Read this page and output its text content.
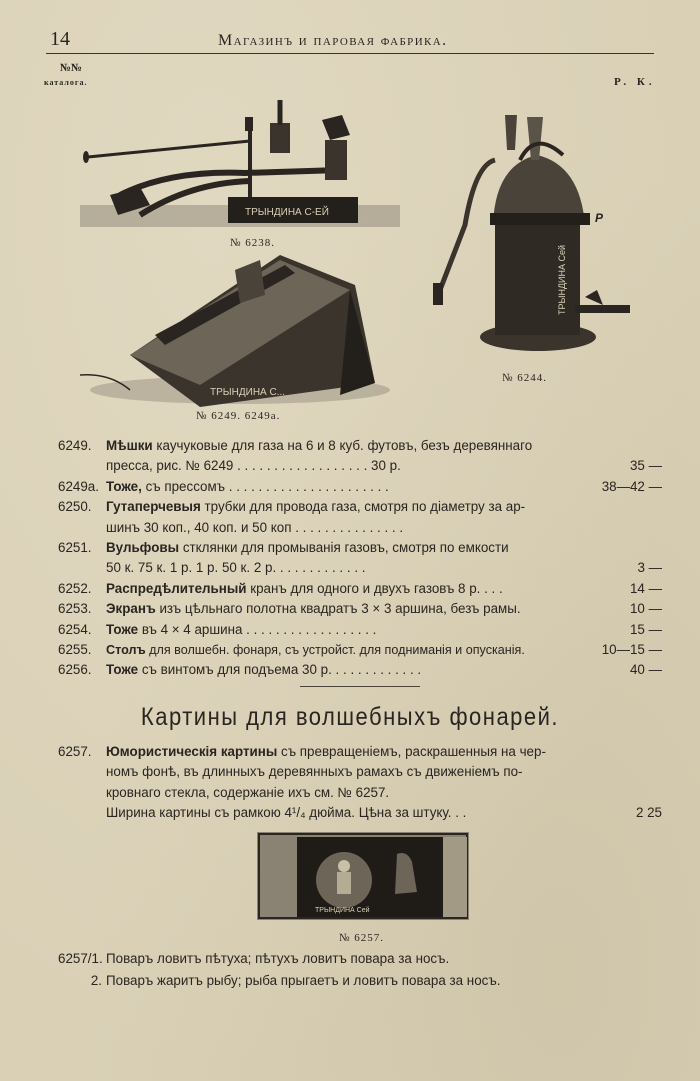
14	Магазинъ и паровая фабрика.
№№
каталога.	Р. К.
ТРЫНДИНА С-ЕЙ
№ 6238.
ТРЫНДИНА С...
№ 6249. 6249а.
ТРЫНДИНА Сей
P
№ 6244.
6249.	Мѣшки каучуковые для газа на 6 и 8 куб. футовъ, безъ деревяннаго
пресса, рис. № 6249 . . . . . . . . . . . . . . . . . . 30 р.	35 —
6249а. Тоже, съ прессомъ . . . . . . . . . . . . . . . . . . . . . .	38—42 —
6250.	Гутаперчевыя трубки для провода газа, смотря по діаметру за ар-
шинъ 30 коп., 40 коп. и 50 коп . . . . . . . . . . . . . . .
6251.	Вульфовы стклянки для промыванія газовъ, смотря по емкости
50 к. 75 к. 1 р. 1 р. 50 к. 2 р. . . . . . . . . . . . .	3 —
6252.	Распредѣлительный кранъ для одного и двухъ газовъ 8 р. . . .	14 —
6253.	Экранъ изъ цѣльнаго полотна квадратъ 3 × 3 аршина, безъ рамы.	10 —
6254.	Тоже въ 4 × 4 аршина . . . . . . . . . . . . . . . . . .	15 —
6255.	Столъ для волшебн. фонаря, съ устройст. для подниманія и опусканія.	10—15 —
6256.	Тоже съ винтомъ для подъема 30 р. . . . . . . . . . . . .	40 —
Картины для волшебныхъ фонарей.
6257.	Юмористическія картины съ превращеніемъ, раскрашенныя на чер-
номъ фонѣ, въ длинныхъ деревянныхъ рамахъ съ движеніемъ по-
кровнаго стекла, содержаніе ихъ см. № 6257.
Ширина картины съ рамкою 4¹/₄ дюйма. Цѣна за штуку. . .	2 25
ТРЫНДИНА Сей
№ 6257.
6257/1. Поваръ ловитъ пѣтуха; пѣтухъ ловитъ повара за носъ.
2. Поваръ жаритъ рыбу; рыба прыгаетъ и ловитъ повара за носъ.
